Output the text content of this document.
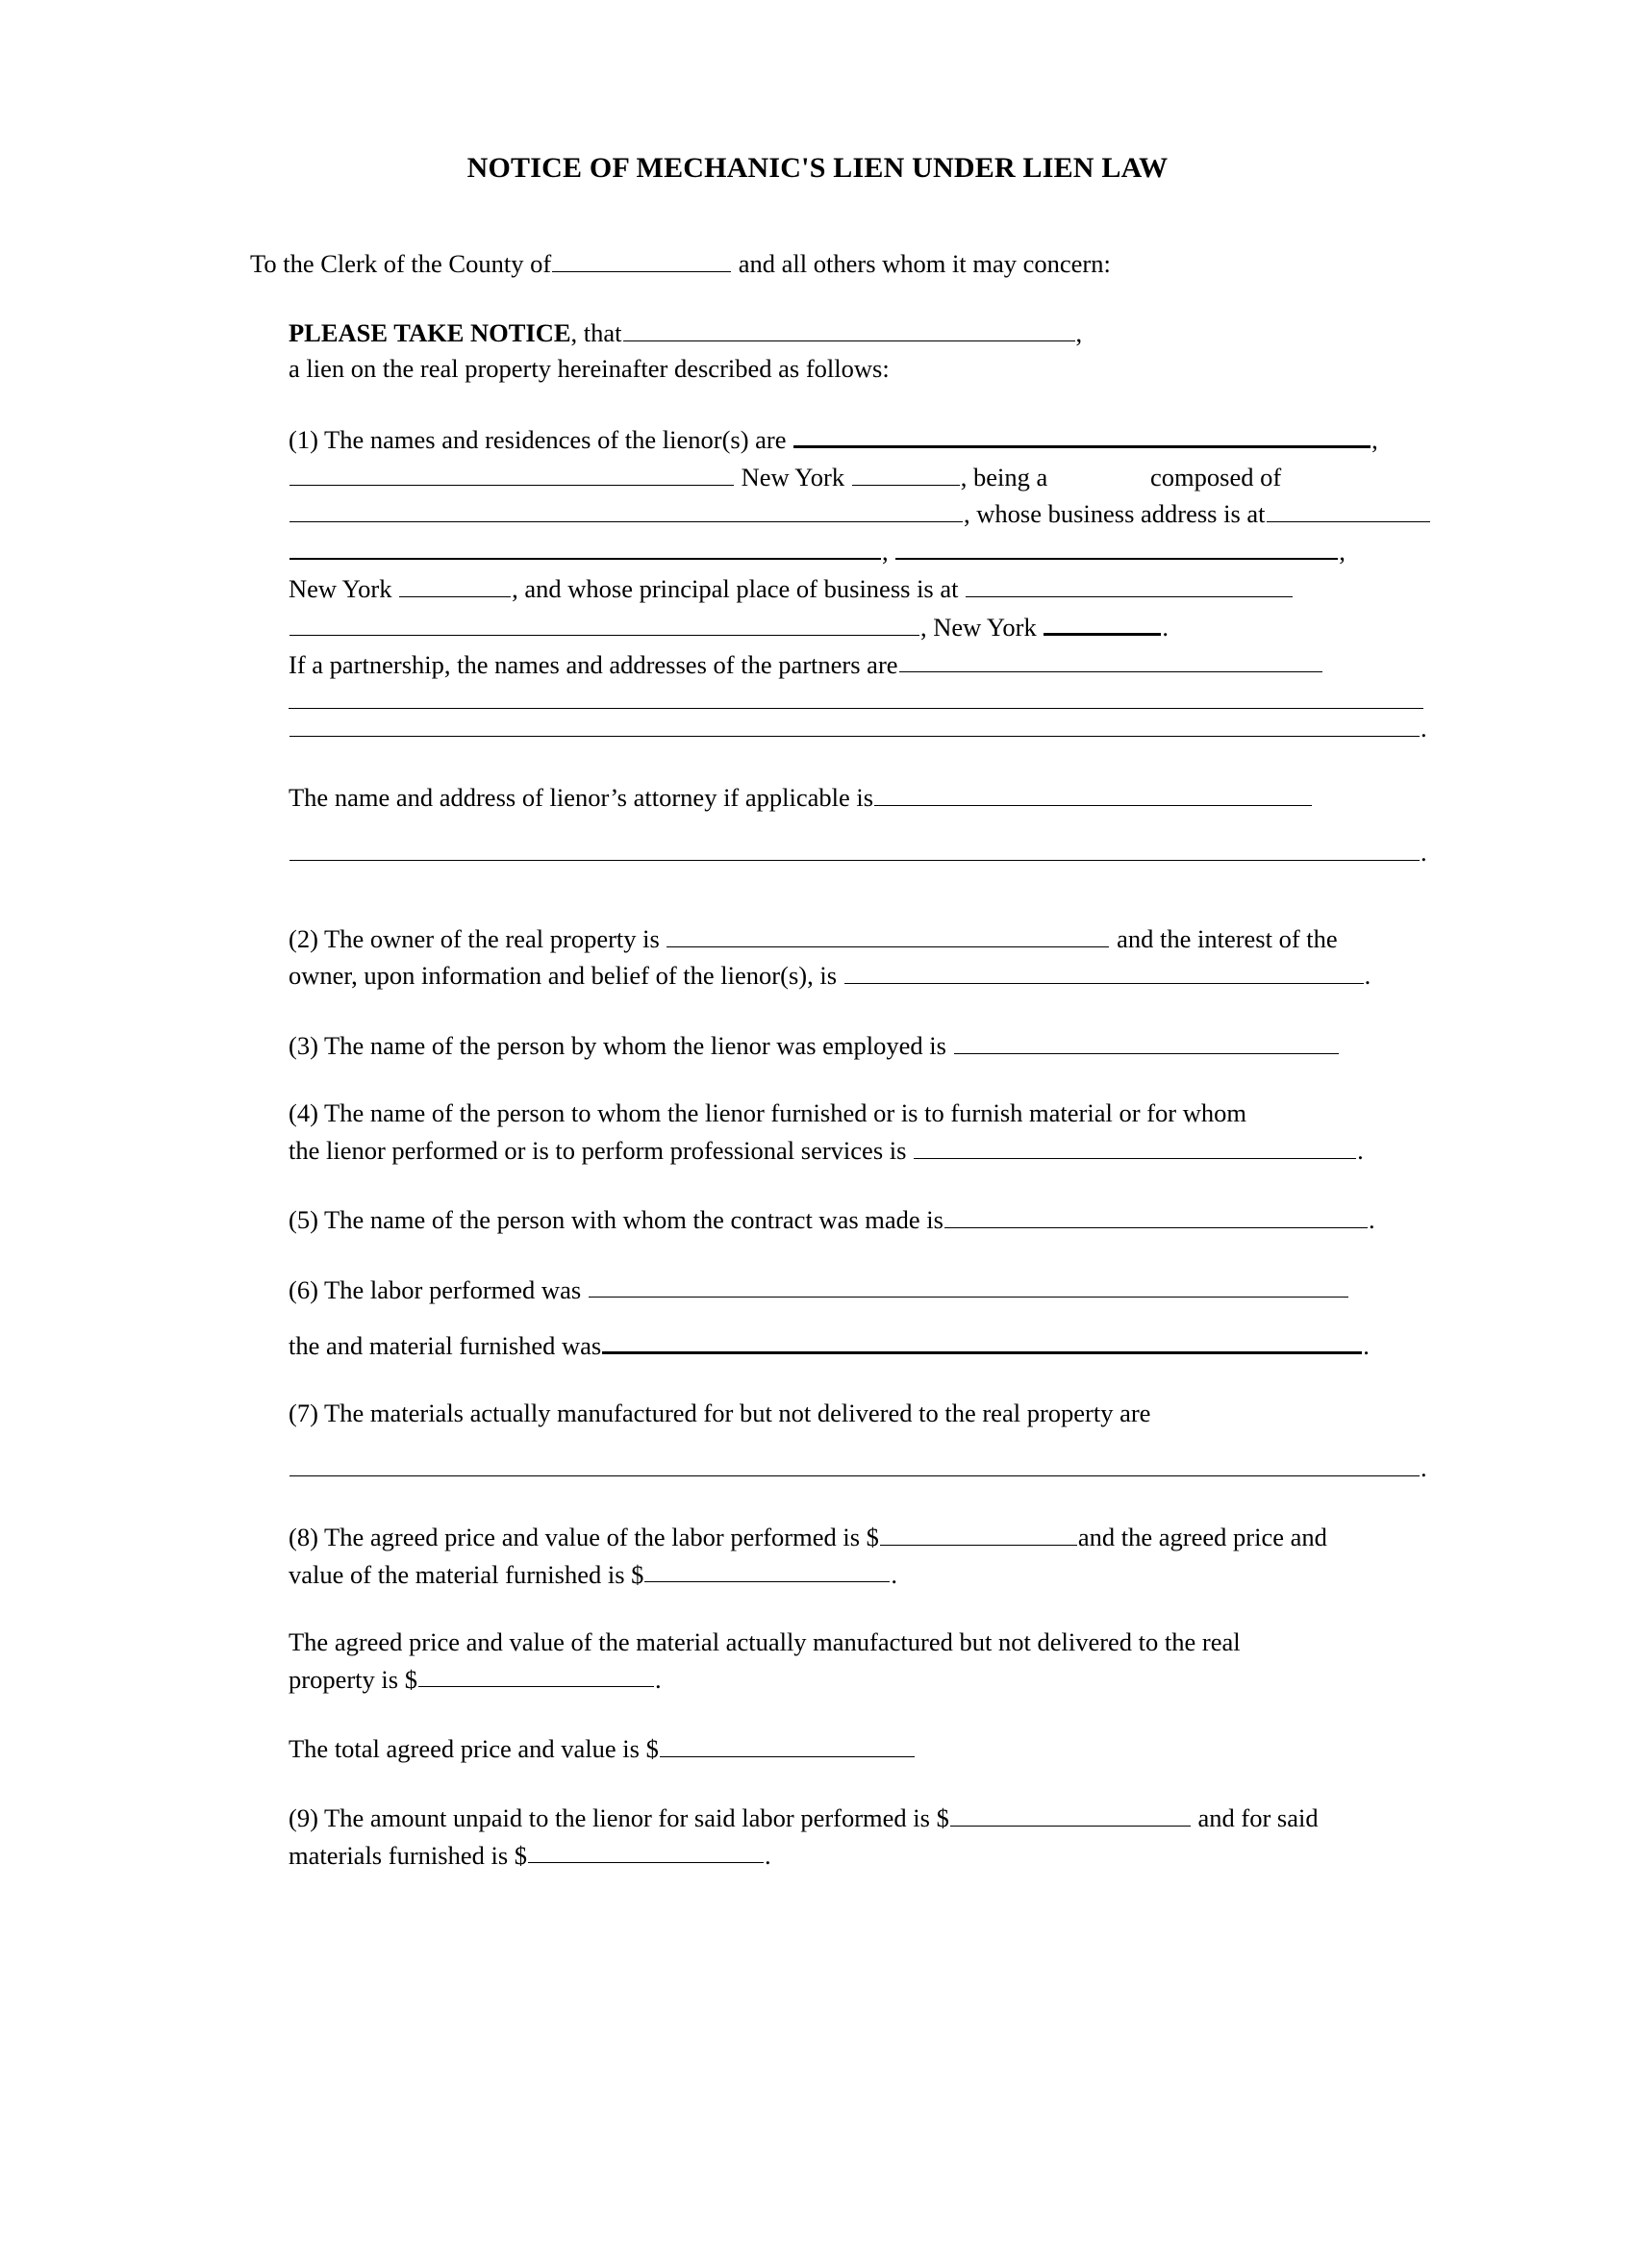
NOTICE OF MECHANIC'S LIEN UNDER LIEN LAW

To the Clerk of the County of	and all others whom it may concern:

PLEASE TAKE NOTICE, that	,

a lien on the real property hereinafter described as follows:

(1) The names and residences of the lienor(s) are	,

New York	, being a	composed of

, whose business address is at

,	,

New York	, and whose principal place of business is at

, New York	.

If a partnership, the names and addresses of the partners are

.

The name and address of lienor’s attorney if applicable is

.

(2) The owner of the real property is	and the interest of the

owner, upon information and belief of the lienor(s), is	.

(3) The name of the person by whom the lienor was employed is

(4) The name of the person to whom the lienor furnished or is to furnish material or for whom

the lienor performed or is to perform professional services is	.

(5) The name of the person with whom the contract was made is	.

(6) The labor performed was

the and material furnished was	.

(7) The materials actually manufactured for but not delivered to the real property are

.

(8) The agreed price and value of the labor performed is $	and the agreed price and

value of the material furnished is $	.

The agreed price and value of the material actually manufactured but not delivered to the real

property is $	.

The total agreed price and value is $

(9) The amount unpaid to the lienor for said labor performed is $	and for said

materials furnished is $	.
